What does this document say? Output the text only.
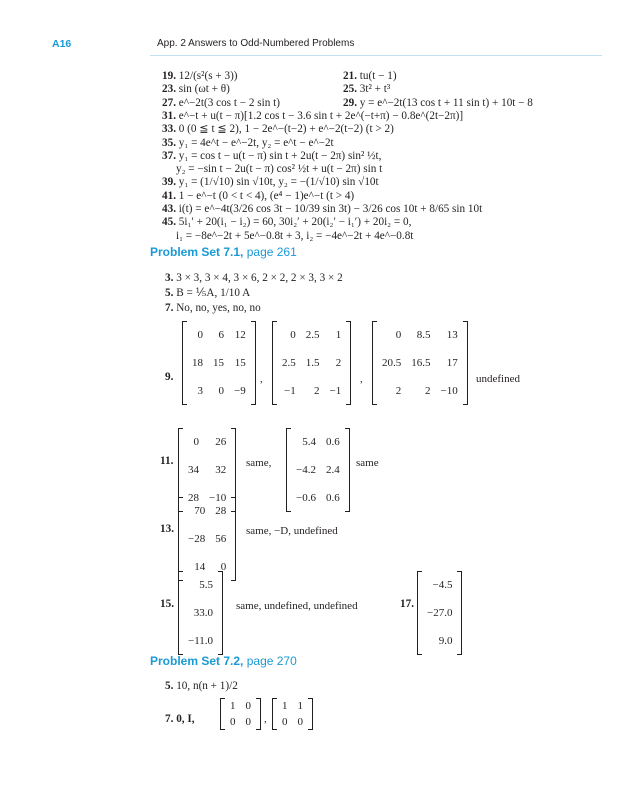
A16	App. 2 Answers to Odd-Numbered Problems
19. 12/(s²(s + 3))
23. sin (ωt + θ)
27. e^−2t(3 cos t − 2 sin t)
31. e^−t + u(t − π)[1.2 cos t − 3.6 sin t + 2e^(−t+π) − 0.8e^(2t−2π)]
33. 0 (0 ≦ t ≦ 2), 1 − 2e^−(t−2) + e^−2(t−2) (t > 2)
35. y₁ = 4e^t − e^−2t, y₂ = e^t − e^−2t
37. y₁ = cos t − u(t − π) sin t + 2u(t − 2π) sin² ½t,
y₂ = −sin t − 2u(t − π) cos² ½t + u(t − 2π) sin t
39. y₁ = (1/√10) sin √10t, y₂ = −(1/√10) sin √10t
41. 1 − e^−t (0 < t < 4), (e⁴ − 1)e^−t (t > 4)
43. i(t) = e^−4t(3/26 cos 3t − 10/39 sin 3t) − 3/26 cos 10t + 8/65 sin 10t
45. 5i₁′ + 20(i₁ − i₂) = 60, 30i₂′ + 20(i₂′ − i₁′) + 20i₂ = 0,
i₁ = −8e^−2t + 5e^−0.8t + 3, i₂ = −4e^−2t + 4e^−0.8t
21. tu(t − 1)
25. 3t² + t³
29. y = e^−2t(13 cos t + 11 sin t) + 10t − 8
Problem Set 7.1, page 261
3. 3 × 3, 3 × 4, 3 × 6, 2 × 2, 2 × 3, 3 × 2
5. B = ⅕A, 1/10 A
7. No, no, yes, no, no
9.
0	6	12
18	15	15
3	0	−9
,
0	2.5	1
2.5	1.5	2
−1	2	−1
,
0	8.5	13
20.5	16.5	17
2	2	−10
undefined
11.
0	26
34	32
28	−10
same,
5.4	0.6
−4.2	2.4
−0.6	0.6
same
13.
70	28
−28	56
14	0
same, −D, undefined
15.
5.5
33.0
−11.0
same, undefined, undefined	17.
−4.5
−27.0
9.0
Problem Set 7.2, page 270
5. 10, n(n + 1)/2
7. 0, I,
1	0
0	0 ,
1	1
0	0
